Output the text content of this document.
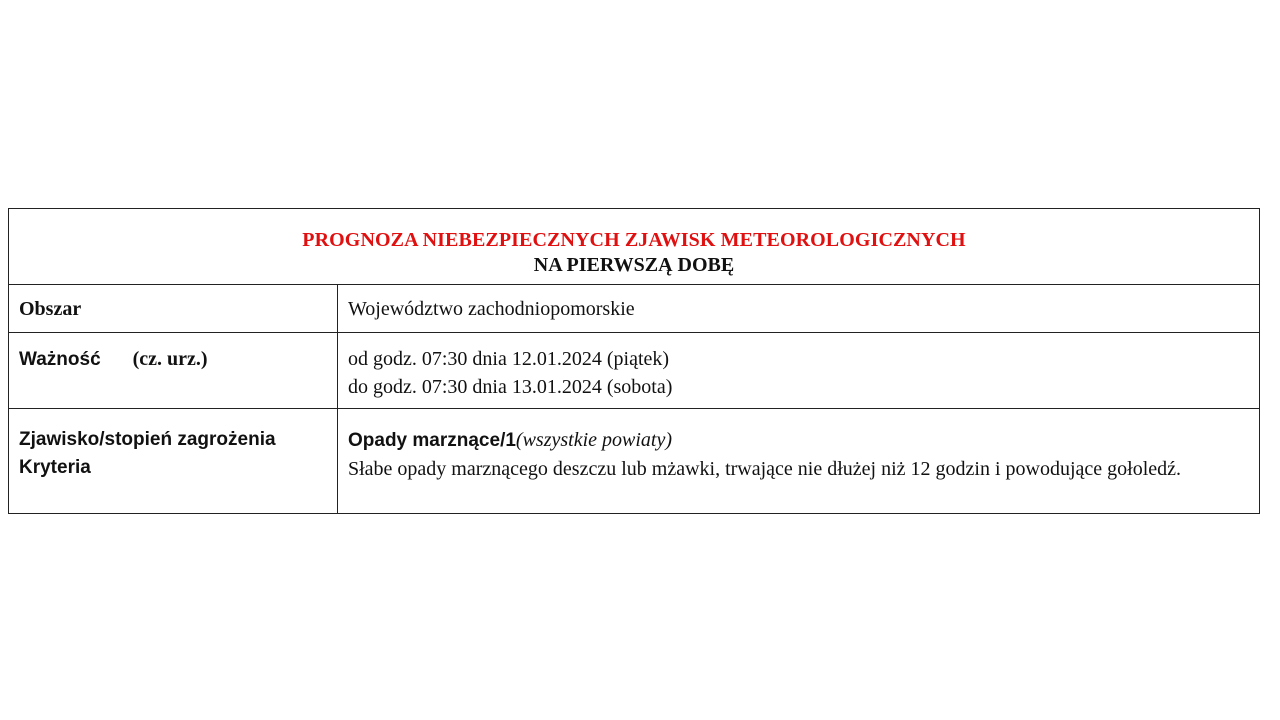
PROGNOZA NIEBEZPIECZNYCH ZJAWISK METEOROLOGICZNYCH
NA PIERWSZĄ DOBĘ
Obszar	Województwo zachodniopomorskie
Ważność (cz. urz.)	od godz. 07:30 dnia 12.01.2024 (piątek)
do godz. 07:30 dnia 13.01.2024 (sobota)
Zjawisko/stopień zagrożenia
Kryteria
Opady marznące/1(wszystkie powiaty)
Słabe opady marznącego deszczu lub mżawki, trwające nie dłużej niż 12 godzin i powodujące gołoledź.
